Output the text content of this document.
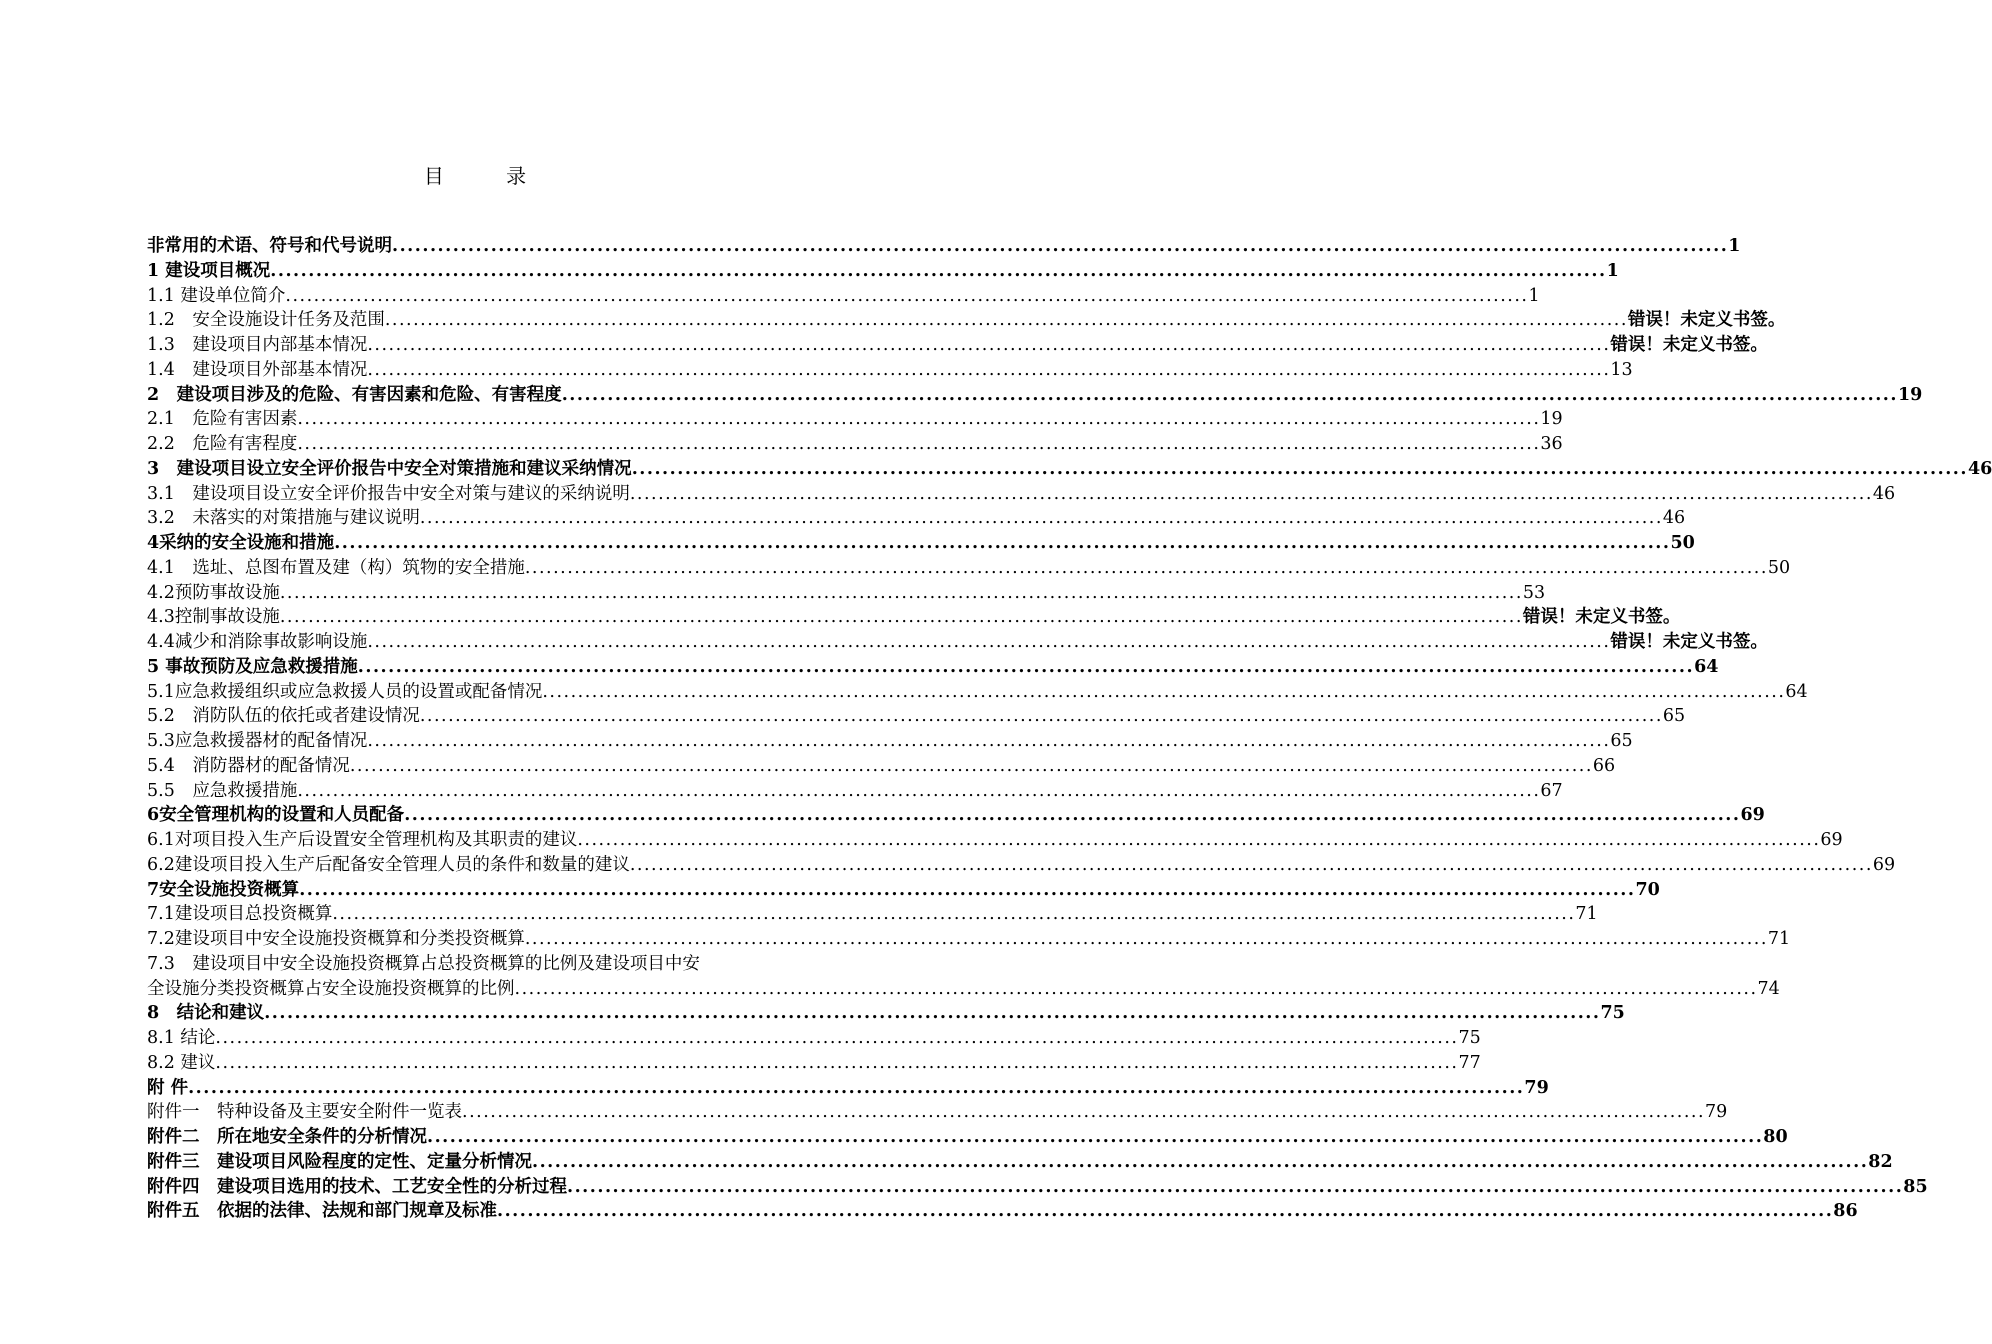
目 录
非常用的术语、符号和代号说明 .....	1
1 建设项目概况 .....	1
1.1 建设单位简介 .....	1
1.2　安全设施设计任务及范围 .....	错误！未定义书签。
1.3　建设项目内部基本情况 .....	错误！未定义书签。
1.4　建设项目外部基本情况 .....	13
2　建设项目涉及的危险、有害因素和危险、有害程度 .....	19
2.1　危险有害因素 .....	19
2.2　危险有害程度 .....	36
3　建设项目设立安全评价报告中安全对策措施和建议采纳情况 .....	46
3.1　建设项目设立安全评价报告中安全对策与建议的采纳说明 .....	46
3.2　未落实的对策措施与建议说明 .....	46
4采纳的安全设施和措施 .....	50
4.1　选址、总图布置及建（构）筑物的安全措施 .....	50
4.2预防事故设施 .....	53
4.3控制事故设施 .....	错误！未定义书签。
4.4减少和消除事故影响设施 .....	错误！未定义书签。
5 事故预防及应急救援措施 .....	64
5.1应急救援组织或应急救援人员的设置或配备情况 .....	64
5.2　消防队伍的依托或者建设情况 .....	65
5.3应急救援器材的配备情况 .....	65
5.4　消防器材的配备情况 .....	66
5.5　应急救援措施 .....	67
6安全管理机构的设置和人员配备 .....	69
6.1对项目投入生产后设置安全管理机构及其职责的建议 .....	69
6.2建设项目投入生产后配备安全管理人员的条件和数量的建议 .....	69
7安全设施投资概算 .....	70
7.1建设项目总投资概算 .....	71
7.2建设项目中安全设施投资概算和分类投资概算 .....	71
7.3　建设项目中安全设施投资概算占总投资概算的比例及建设项目中安
全设施分类投资概算占安全设施投资概算的比例 .....	74
8　结论和建议 .....	75
8.1 结论 .....	75
8.2 建议 .....	77
附 件 .....	79
附件一　特种设备及主要安全附件一览表 .....	79
附件二　所在地安全条件的分析情况 .....	80
附件三　建设项目风险程度的定性、定量分析情况 .....	82
附件四　建设项目选用的技术、工艺安全性的分析过程 .....	85
附件五　依据的法律、法规和部门规章及标准 .....	86
